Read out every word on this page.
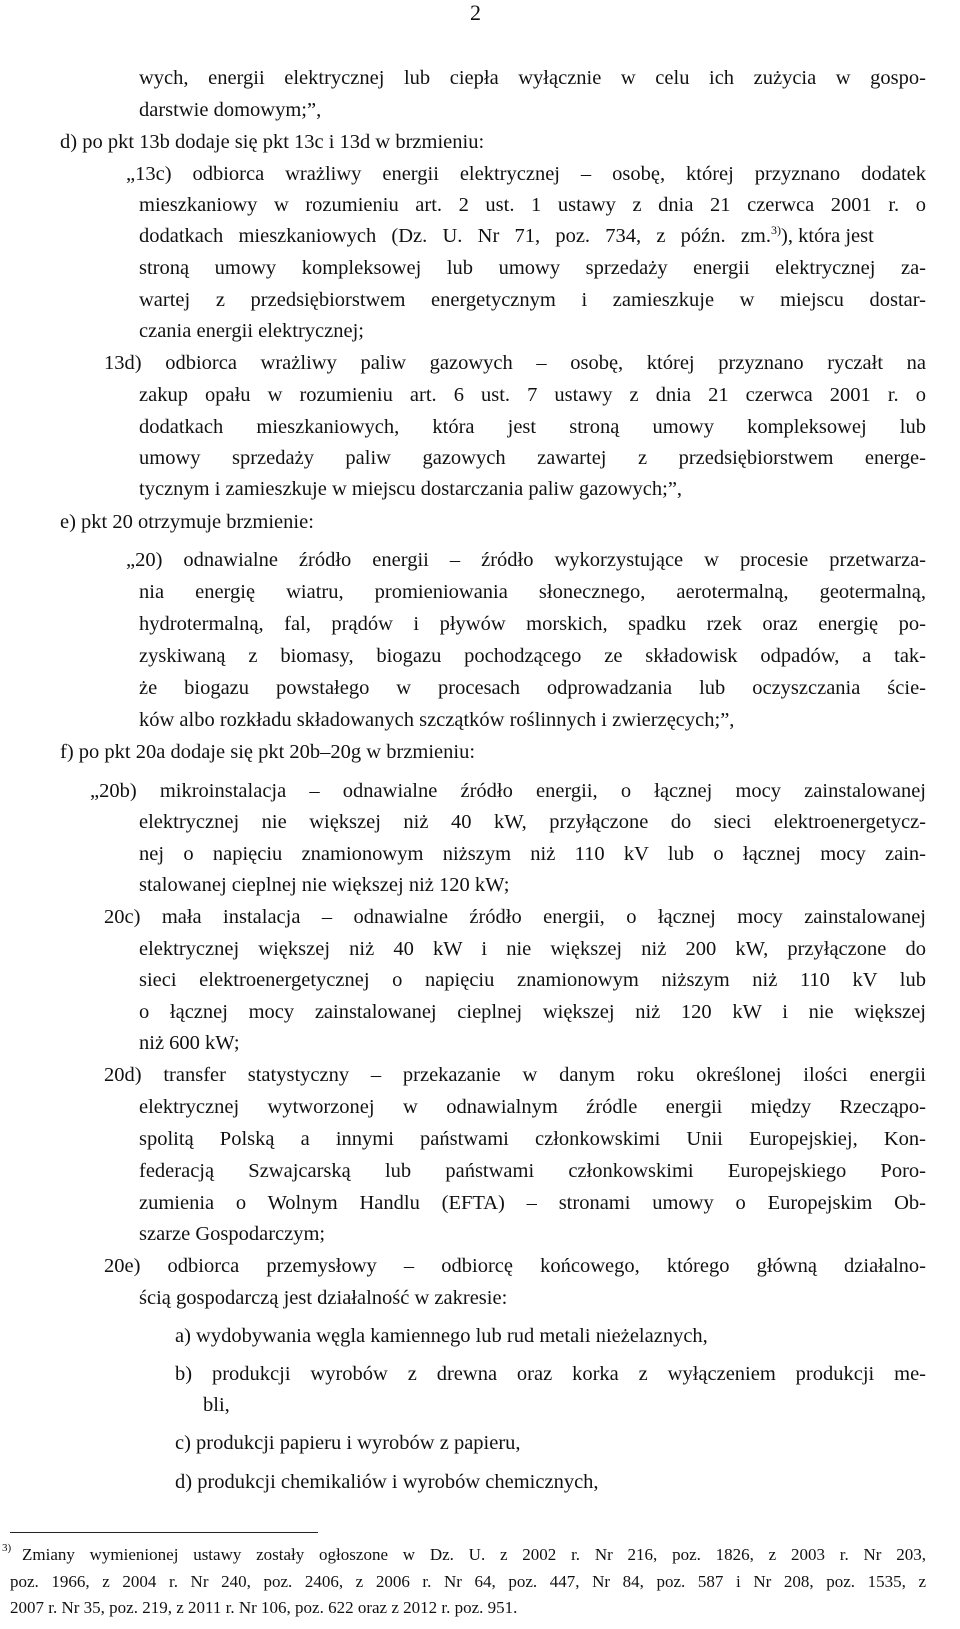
2
wych, energii elektrycznej lub ciepła wyłącznie w celu ich zużycia w gospo-
darstwie domowym;”,
d) po pkt 13b dodaje się pkt 13c i 13d w brzmieniu:
„13c) odbiorca wrażliwy energii elektrycznej – osobę, której przyznano dodatek
mieszkaniowy w rozumieniu art. 2 ust. 1 ustawy z dnia 21 czerwca 2001 r. o
dodatkach mieszkaniowych (Dz. U. Nr 71, poz. 734, z późn. zm.$^{3)}$), która jest
stroną umowy kompleksowej lub umowy sprzedaży energii elektrycznej za-
wartej z przedsiębiorstwem energetycznym i zamieszkuje w miejscu dostar-
czania energii elektrycznej;
13d) odbiorca wrażliwy paliw gazowych – osobę, której przyznano ryczałt na
zakup opału w rozumieniu art. 6 ust. 7 ustawy z dnia 21 czerwca 2001 r. o
dodatkach mieszkaniowych, która jest stroną umowy kompleksowej lub
umowy sprzedaży paliw gazowych zawartej z przedsiębiorstwem energe-
tycznym i zamieszkuje w miejscu dostarczania paliw gazowych;”,
e) pkt 20 otrzymuje brzmienie:
„20) odnawialne źródło energii – źródło wykorzystujące w procesie przetwarza-
nia energię wiatru, promieniowania słonecznego, aerotermalną, geotermalną,
hydrotermalną, fal, prądów i pływów morskich, spadku rzek oraz energię po-
zyskiwaną z biomasy, biogazu pochodzącego ze składowisk odpadów, a tak-
że biogazu powstałego w procesach odprowadzania lub oczyszczania ście-
ków albo rozkładu składowanych szczątków roślinnych i zwierzęcych;”,
f) po pkt 20a dodaje się pkt 20b–20g w brzmieniu:
„20b) mikroinstalacja – odnawialne źródło energii, o łącznej mocy zainstalowanej
elektrycznej nie większej niż 40 kW, przyłączone do sieci elektroenergetycz-
nej o napięciu znamionowym niższym niż 110 kV lub o łącznej mocy zain-
stalowanej cieplnej nie większej niż 120 kW;
20c) mała instalacja – odnawialne źródło energii, o łącznej mocy zainstalowanej
elektrycznej większej niż 40 kW i nie większej niż 200 kW, przyłączone do
sieci elektroenergetycznej o napięciu znamionowym niższym niż 110 kV lub
o łącznej mocy zainstalowanej cieplnej większej niż 120 kW i nie większej
niż 600 kW;
20d) transfer statystyczny – przekazanie w danym roku określonej ilości energii
elektrycznej wytworzonej w odnawialnym źródle energii między Rzecząpo-
spolitą Polską a innymi państwami członkowskimi Unii Europejskiej, Kon-
federacją Szwajcarską lub państwami członkowskimi Europejskiego Poro-
zumienia o Wolnym Handlu (EFTA) – stronami umowy o Europejskim Ob-
szarze Gospodarczym;
20e) odbiorca przemysłowy – odbiorcę końcowego, którego główną działalno-
ścią gospodarczą jest działalność w zakresie:
a) wydobywania węgla kamiennego lub rud metali nieżelaznych,
b) produkcji wyrobów z drewna oraz korka z wyłączeniem produkcji me-
bli,
c) produkcji papieru i wyrobów z papieru,
d) produkcji chemikaliów i wyrobów chemicznych,
3) Zmiany wymienionej ustawy zostały ogłoszone w Dz. U. z 2002 r. Nr 216, poz. 1826, z 2003 r. Nr 203,
poz. 1966, z 2004 r. Nr 240, poz. 2406, z 2006 r. Nr 64, poz. 447, Nr 84, poz. 587 i Nr 208, poz. 1535, z
2007 r. Nr 35, poz. 219, z 2011 r. Nr 106, poz. 622 oraz z 2012 r. poz. 951.
